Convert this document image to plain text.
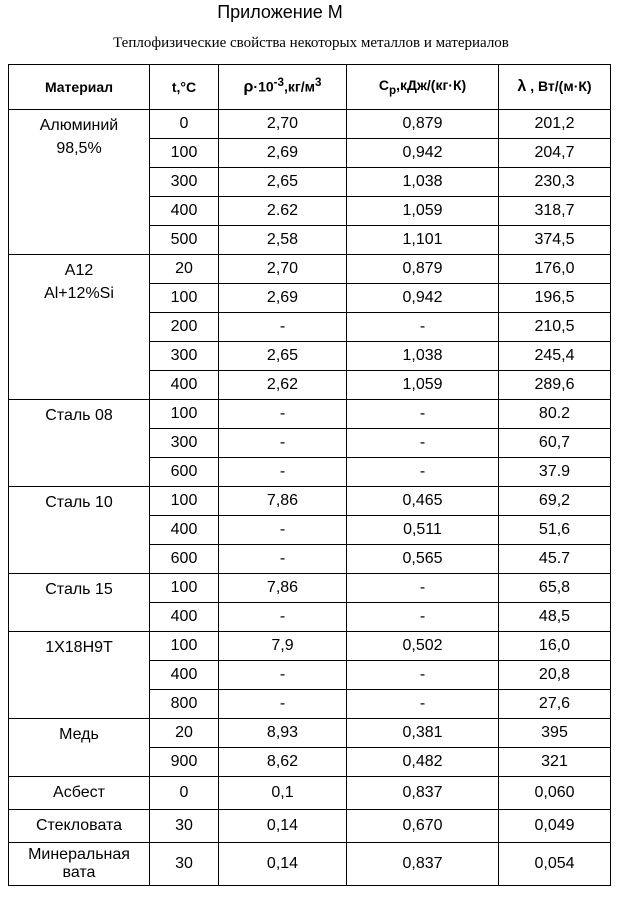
Приложение М
Теплофизические свойства некоторых металлов и материалов
Материал	t,°C	$\rho\cdot 10^{-3},кг/м^3$	$C_p,кДж/(кг\cdot К)$	λ , Вт/(м·К)

Алюминий
98,5%	0	2,70	0,879	201,2
	100	2,69	0,942	204,7
	300	2,65	1,038	230,3
	400	2.62	1,059	318,7
	500	2,58	1,101	374,5

А12
Al+12%Si	20	2,70	0,879	176,0
	100	2,69	0,942	196,5
	200	-	-	210,5
	300	2,65	1,038	245,4
	400	2,62	1,059	289,6

Сталь 08	100	-	-	80.2
	300	-	-	60,7
	600	-	-	37.9

Сталь 10	100	7,86	0,465	69,2
	400	-	0,511	51,6
	600	-	0,565	45.7

Сталь 15	100	7,86	-	65,8
	400	-	-	48,5

1Х18Н9Т	100	7,9	0,502	16,0
	400	-	-	20,8
	800	-	-	27,6

Медь	20	8,93	0,381	395
	900	8,62	0,482	321

Асбест	0	0,1	0,837	0,060

Стекловата	30	0,14	0,670	0,049

Минеральная
вата	30	0,14	0,837	0,054
